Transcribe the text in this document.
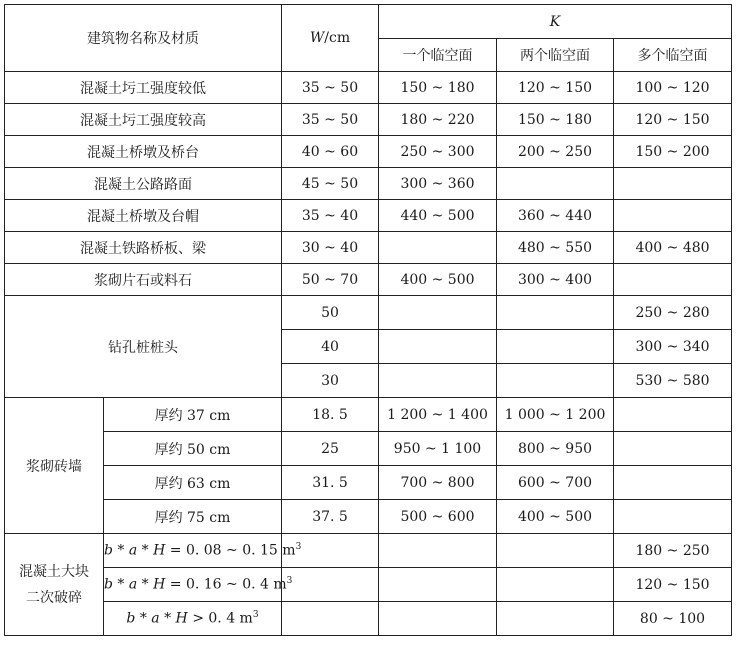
建筑物名称及材质		W/cm	K		
			一个临空面	两个临空面	多个临空面
混凝土圬工强度较低		35 ~ 50	150 ~ 180	120 ~ 150	100 ~ 120
混凝土圬工强度较高		35 ~ 50	180 ~ 220	150 ~ 180	120 ~ 150
混凝土桥墩及桥台		40 ~ 60	250 ~ 300	200 ~ 250	150 ~ 200
混凝土公路路面		45 ~ 50	300 ~ 360		
混凝土桥墩及台帽		35 ~ 40	440 ~ 500	360 ~ 440	
混凝土铁路桥板、梁		30 ~ 40		480 ~ 550	400 ~ 480
浆砌片石或料石		50 ~ 70	400 ~ 500	300 ~ 400	
钻孔桩桩头		50			250 ~ 280
		40			300 ~ 340
		30			530 ~ 580
浆砌砖墙	厚约 37 cm	18. 5	1 200 ~ 1 400	1 000 ~ 1 200	
	厚约 50 cm	25	950 ~ 1 100	800 ~ 950	
	厚约 63 cm	31. 5	700 ~ 800	600 ~ 700	
	厚约 75 cm	37. 5	500 ~ 600	400 ~ 500	

混凝土大块
二次破碎	b * a * H = 0. 08 ~ 0. 15 $m^3$				180 ~ 250
	b * a * H = 0. 16 ~ 0. 4 $m^3$				120 ~ 150
	b * a * H > 0. 4 $m^3$				80 ~ 100
